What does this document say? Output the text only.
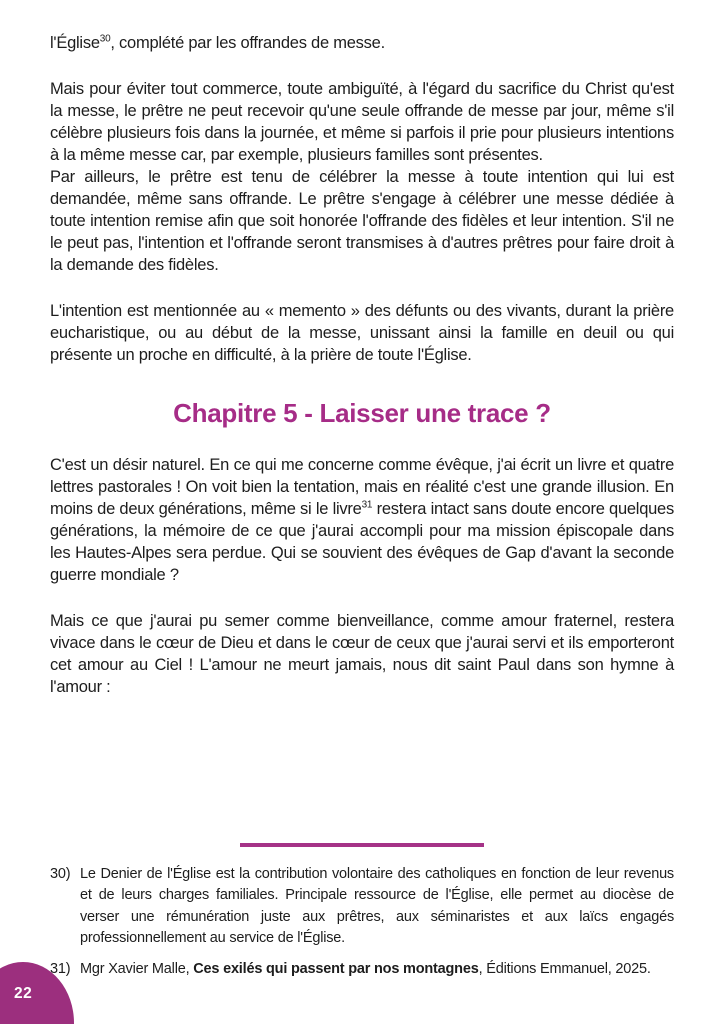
l'Église$^{30}$, complété par les offrandes de messe.

Mais pour éviter tout commerce, toute ambiguïté, à l'égard du sacrifice du Christ qu'est la messe, le prêtre ne peut recevoir qu'une seule offrande de messe par jour, même s'il célèbre plusieurs fois dans la journée, et même si parfois il prie pour plusieurs intentions à la même messe car, par exemple, plusieurs familles sont présentes.

Par ailleurs, le prêtre est tenu de célébrer la messe à toute intention qui lui est demandée, même sans offrande. Le prêtre s'engage à célébrer une messe dédiée à toute intention remise afin que soit honorée l'offrande des fidèles et leur intention. S'il ne le peut pas, l'intention et l'offrande seront transmises à d'autres prêtres pour faire droit à la demande des fidèles.

L'intention est mentionnée au « memento » des défunts ou des vivants, durant la prière eucharistique, ou au début de la messe, unissant ainsi la famille en deuil ou qui présente un proche en difficulté, à la prière de toute l'Église.

Chapitre 5 - Laisser une trace ?

C'est un désir naturel. En ce qui me concerne comme évêque, j'ai écrit un livre et quatre lettres pastorales ! On voit bien la tentation, mais en réalité c'est une grande illusion. En moins de deux générations, même si le livre$^{31}$ restera intact sans doute encore quelques générations, la mémoire de ce que j'aurai accompli pour ma mission épiscopale dans les Hautes-Alpes sera perdue. Qui se souvient des évêques de Gap d'avant la seconde guerre mondiale ?

Mais ce que j'aurai pu semer comme bienveillance, comme amour fraternel, restera vivace dans le cœur de Dieu et dans le cœur de ceux que j'aurai servi et ils emporteront cet amour au Ciel ! L'amour ne meurt jamais, nous dit saint Paul dans son hymne à l'amour :

30) Le Denier de l'Église est la contribution volontaire des catholiques en fonction de leur revenus et de leurs charges familiales. Principale ressource de l'Église, elle permet au diocèse de verser une rémunération juste aux prêtres, aux séminaristes et aux laïcs engagés professionnellement au service de l'Église.
31) Mgr Xavier Malle, Ces exilés qui passent par nos montagnes, Éditions Emmanuel, 2025.
22
